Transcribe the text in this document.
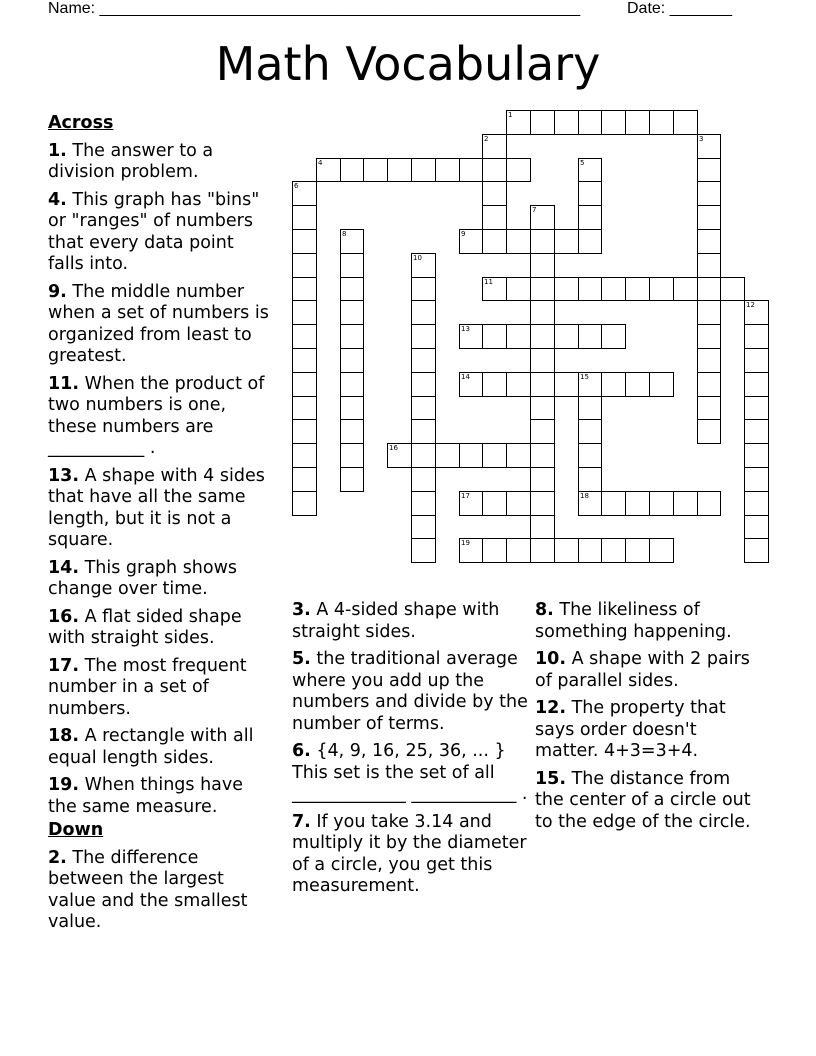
Name: ______________________________________________________	Date: _______
Math Vocabulary
Across
1. The answer to a division problem.
4. This graph has "bins" or "ranges" of numbers that every data point falls into.
9. The middle number when a set of numbers is organized from least to greatest.
11. When the product of two numbers is one, these numbers are ___________ .
13. A shape with 4 sides that have all the same length, but it is not a square.
14. This graph shows change over time.
16. A flat sided shape with straight sides.
17. The most frequent number in a set of numbers.
18. A rectangle with all equal length sides.
19. When things have the same measure.
Down
2. The difference between the largest value and the smallest value.
3. A 4-sided shape with straight sides.
5. the traditional average where you add up the numbers and divide by the number of terms.
6. {4, 9, 16, 25, 36, ... } This set is the set of all _____________ ____________ .
7. If you take 3.14 and multiply it by the diameter of a circle, you get this measurement.
8. The likeliness of something happening.
10. A shape with 2 pairs of parallel sides.
12. The property that says order doesn't matter. 4+3=3+4.
15. The distance from the center of a circle out to the edge of the circle.
1
2	3
4	5
6
7
8	9
10
11
12
13
14	15
16
17	18
19
